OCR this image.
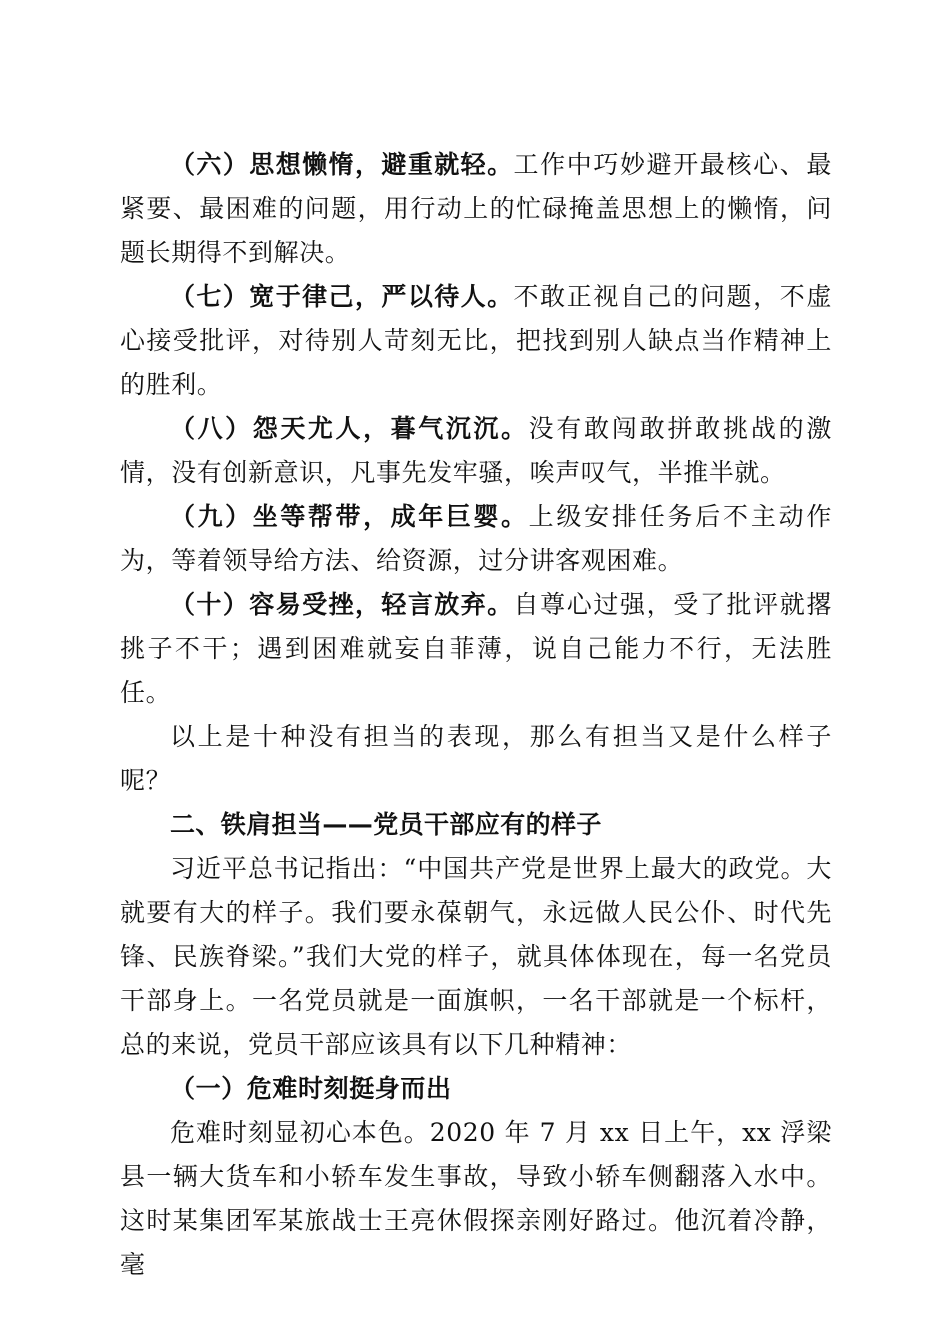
（六）思想懒惰，避重就轻。工作中巧妙避开最核心、最紧要、最困难的问题，用行动上的忙碌掩盖思想上的懒惰，问题长期得不到解决。

（七）宽于律己，严以待人。不敢正视自己的问题，不虚心接受批评，对待别人苛刻无比，把找到别人缺点当作精神上的胜利。

（八）怨天尤人，暮气沉沉。没有敢闯敢拼敢挑战的激情，没有创新意识，凡事先发牢骚，唉声叹气，半推半就。

（九）坐等帮带，成年巨婴。上级安排任务后不主动作为，等着领导给方法、给资源，过分讲客观困难。

（十）容易受挫，轻言放弃。自尊心过强，受了批评就撂挑子不干；遇到困难就妄自菲薄，说自己能力不行，无法胜任。

以上是十种没有担当的表现，那么有担当又是什么样子呢？

二、铁肩担当——党员干部应有的样子

习近平总书记指出：“中国共产党是世界上最大的政党。大就要有大的样子。我们要永葆朝气，永远做人民公仆、时代先锋、民族脊梁。”我们大党的样子，就具体体现在，每一名党员干部身上。一名党员就是一面旗帜，一名干部就是一个标杆，总的来说，党员干部应该具有以下几种精神：

（一）危难时刻挺身而出

危难时刻显初心本色。2020 年 7 月 xx 日上午，xx 浮梁县一辆大货车和小轿车发生事故，导致小轿车侧翻落入水中。这时某集团军某旅战士王亮休假探亲刚好路过。他沉着冷静，毫
